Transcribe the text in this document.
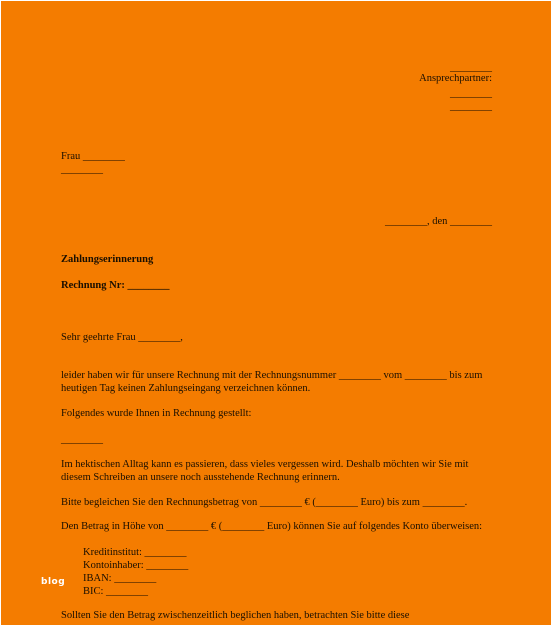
________
Ansprechpartner:
________
________
Frau ________
________
________, den ________
Zahlungserinnerung
Rechnung Nr: ________
Sehr geehrte Frau ________,
leider haben wir für unsere Rechnung mit der Rechnungsnummer ________ vom ________ bis zum heutigen Tag keinen Zahlungseingang verzeichnen können.
Folgendes wurde Ihnen in Rechnung gestellt:
________
Im hektischen Alltag kann es passieren, dass vieles vergessen wird. Deshalb möchten wir Sie mit diesem Schreiben an unsere noch ausstehende Rechnung erinnern.
Bitte begleichen Sie den Rechnungsbetrag von ________ € (________ Euro) bis zum ________.
Den Betrag in Höhe von ________ € (________ Euro) können Sie auf folgendes Konto überweisen:
Kreditinstitut: ________
Kontoinhaber: ________
IBAN: ________
BIC: ________
Sollten Sie den Betrag zwischenzeitlich beglichen haben, betrachten Sie bitte diese
blog
